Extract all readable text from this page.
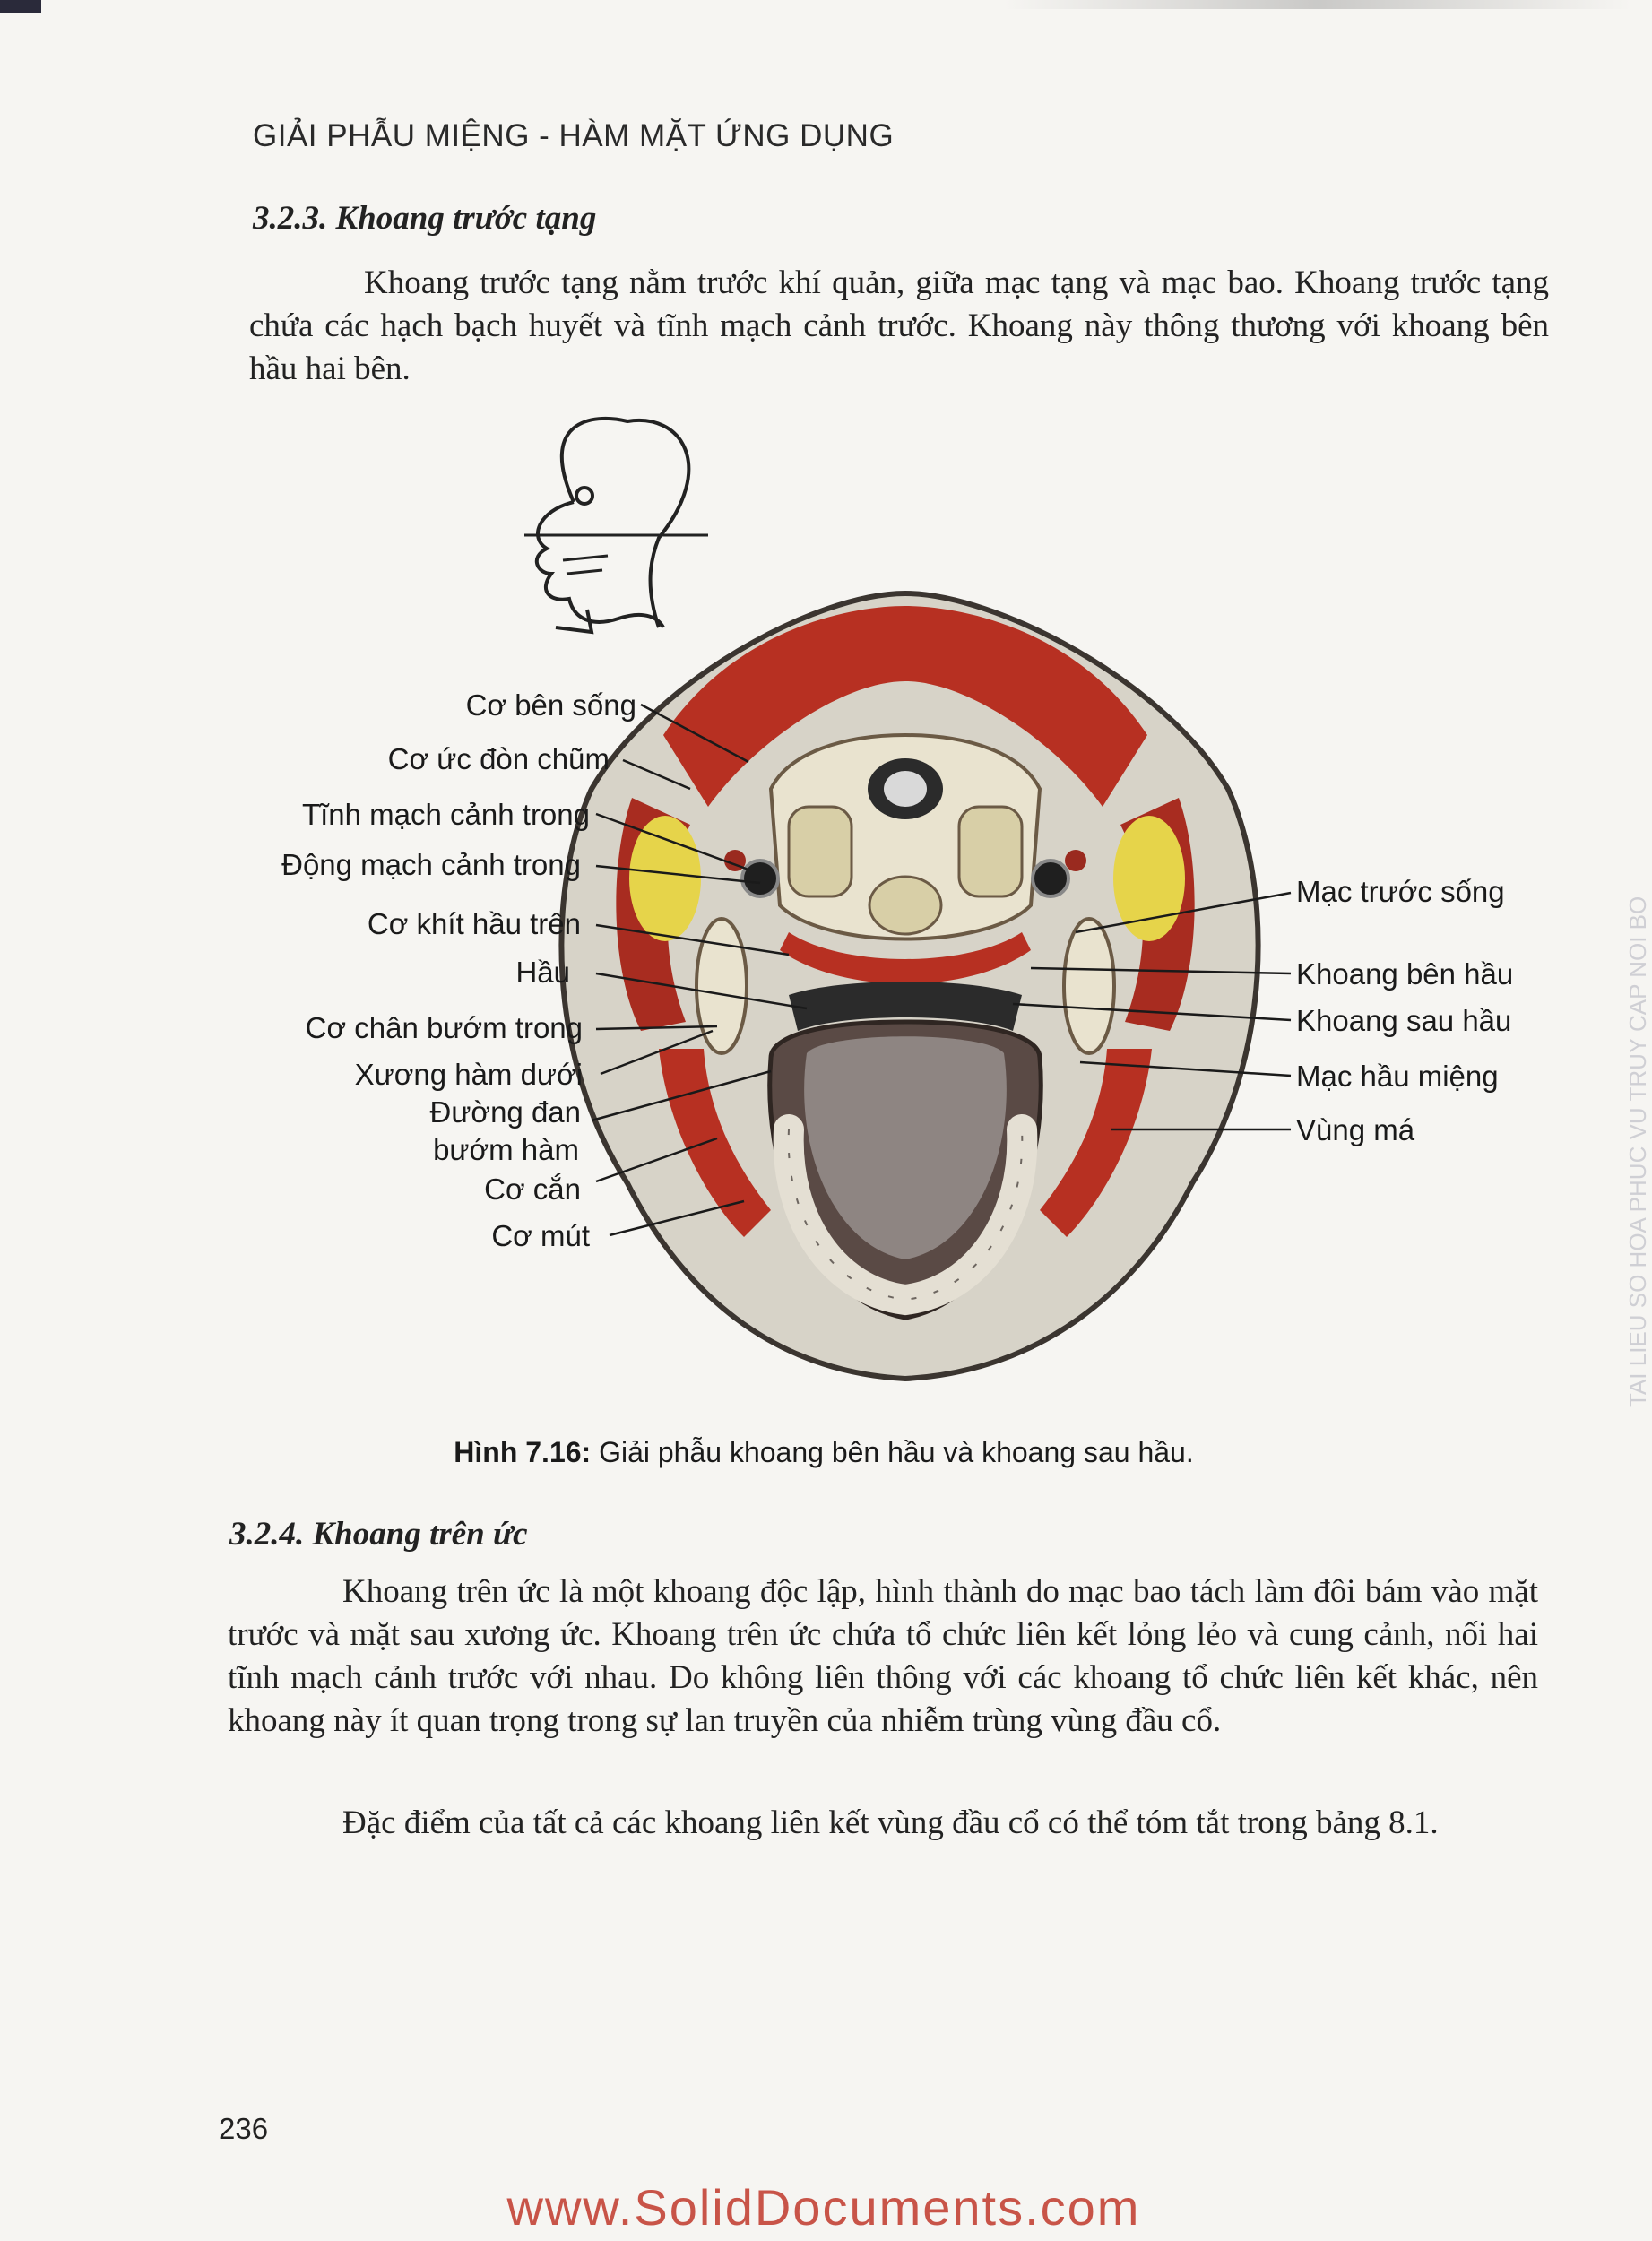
GIẢI PHẪU MIỆNG - HÀM MẶT ỨNG DỤNG
3.2.3. Khoang trước tạng
Khoang trước tạng nằm trước khí quản, giữa mạc tạng và mạc bao. Khoang trước tạng chứa các hạch bạch huyết và tĩnh mạch cảnh trước. Khoang này thông thương với khoang bên hầu hai bên.
Cơ bên sống
Cơ ức đòn chũm
Tĩnh mạch cảnh trong
Động mạch cảnh trong
Cơ khít hầu trên
Hầu
Cơ chân bướm trong
Xương hàm dưới
Đường đan
bướm hàm
Cơ cắn
Cơ mút
Mạc trước sống
Khoang bên hầu
Khoang sau hầu
Mạc hầu miệng
Vùng má
Hình 7.16: Giải phẫu khoang bên hầu và khoang sau hầu.
3.2.4. Khoang trên ức
Khoang trên ức là một khoang độc lập, hình thành do mạc bao tách làm đôi bám vào mặt trước và mặt sau xương ức. Khoang trên ức chứa tổ chức liên kết lỏng lẻo và cung cảnh, nối hai tĩnh mạch cảnh trước với nhau. Do không liên thông với các khoang tổ chức liên kết khác, nên khoang này ít quan trọng trong sự lan truyền của nhiễm trùng vùng đầu cổ.
Đặc điểm của tất cả các khoang liên kết vùng đầu cổ có thể tóm tắt trong bảng 8.1.
TAI LIEU SO HOA PHUC VU TRUY CAP NOI BO
236
www.SolidDocuments.com
